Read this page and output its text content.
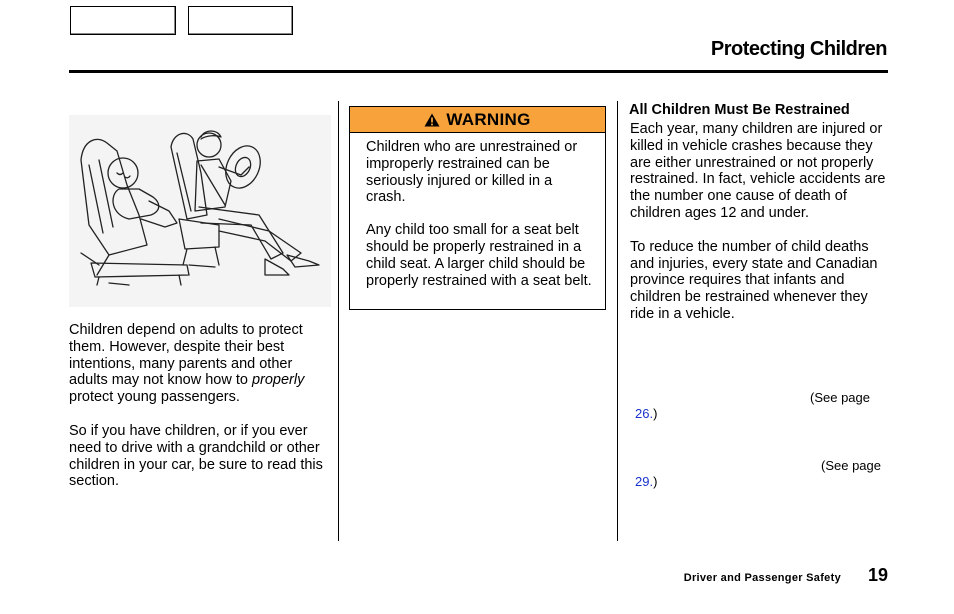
Protecting Children

Children depend on adults to protect them. However, despite their best intentions, many parents and other adults may not know how to properly protect young passengers.

So if you have children, or if you ever need to drive with a grandchild or other children in your car, be sure to read this section.

WARNING

Children who are unrestrained or improperly restrained can be seriously injured or killed in a crash.

Any child too small for a seat belt should be properly restrained in a child seat. A larger child should be properly restrained with a seat belt.

All Children Must Be Restrained

Each year, many children are injured or killed in vehicle crashes because they are either unrestrained or not properly restrained. In fact, vehicle accidents are the number one cause of death of children ages 12 and under.

To reduce the number of child deaths and injuries, every state and Canadian province requires that infants and children be restrained whenever they ride in a vehicle.

(See page
26.)
(See page
29.)
Driver and Passenger Safety 19
